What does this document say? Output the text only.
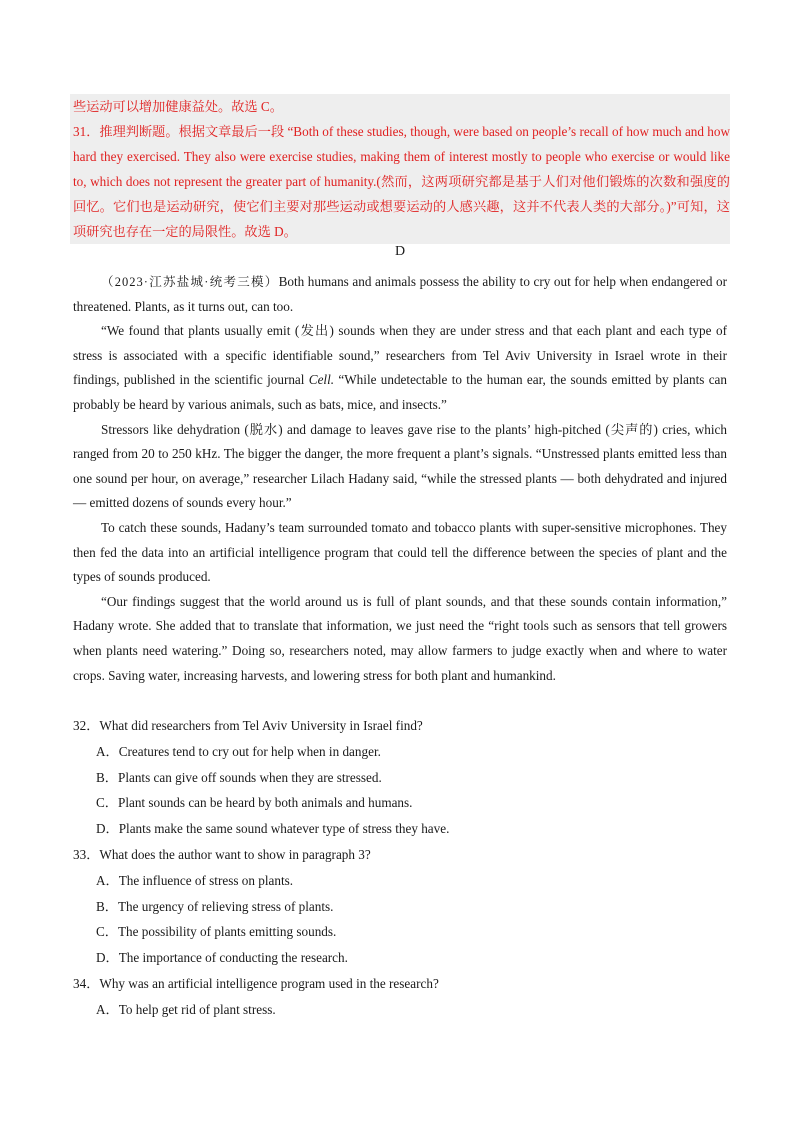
些运动可以增加健康益处。故选 C。

31．推理判断题。根据文章最后一段 “Both of these studies, though, were based on people’s recall of how much and how hard they exercised. They also were exercise studies, making them of interest mostly to people who exercise or would like to, which does not represent the greater part of humanity.(然而，这两项研究都是基于人们对他们锻炼的次数和强度的回忆。它们也是运动研究，使它们主要对那些运动或想要运动的人感兴趣，这并不代表人类的大部分。)”可知，这项研究也存在一定的局限性。故选 D。

D

（2023·江苏盐城·统考三模）Both humans and animals possess the ability to cry out for help when endangered or threatened. Plants, as it turns out, can too.

“We found that plants usually emit (发出) sounds when they are under stress and that each plant and each type of stress is associated with a specific identifiable sound,” researchers from Tel Aviv University in Israel wrote in their findings, published in the scientific journal Cell. “While undetectable to the human ear, the sounds emitted by plants can probably be heard by various animals, such as bats, mice, and insects.”

Stressors like dehydration (脱水) and damage to leaves gave rise to the plants’ high-pitched (尖声的) cries, which ranged from 20 to 250 kHz. The bigger the danger, the more frequent a plant’s signals. “Unstressed plants emitted less than one sound per hour, on average,” researcher Lilach Hadany said, “while the stressed plants — both dehydrated and injured — emitted dozens of sounds every hour.”

To catch these sounds, Hadany’s team surrounded tomato and tobacco plants with super-sensitive microphones. They then fed the data into an artificial intelligence program that could tell the difference between the species of plant and the types of sounds produced.

“Our findings suggest that the world around us is full of plant sounds, and that these sounds contain information,” Hadany wrote. She added that to translate that information, we just need the “right tools such as sensors that tell growers when plants need watering.” Doing so, researchers noted, may allow farmers to judge exactly when and where to water crops. Saving water, increasing harvests, and lowering stress for both plant and humankind.

32．What did researchers from Tel Aviv University in Israel find?

A．Creatures tend to cry out for help when in danger.

B．Plants can give off sounds when they are stressed.

C．Plant sounds can be heard by both animals and humans.

D．Plants make the same sound whatever type of stress they have.

33．What does the author want to show in paragraph 3?

A．The influence of stress on plants.

B．The urgency of relieving stress of plants.

C．The possibility of plants emitting sounds.

D．The importance of conducting the research.

34．Why was an artificial intelligence program used in the research?

A．To help get rid of plant stress.
